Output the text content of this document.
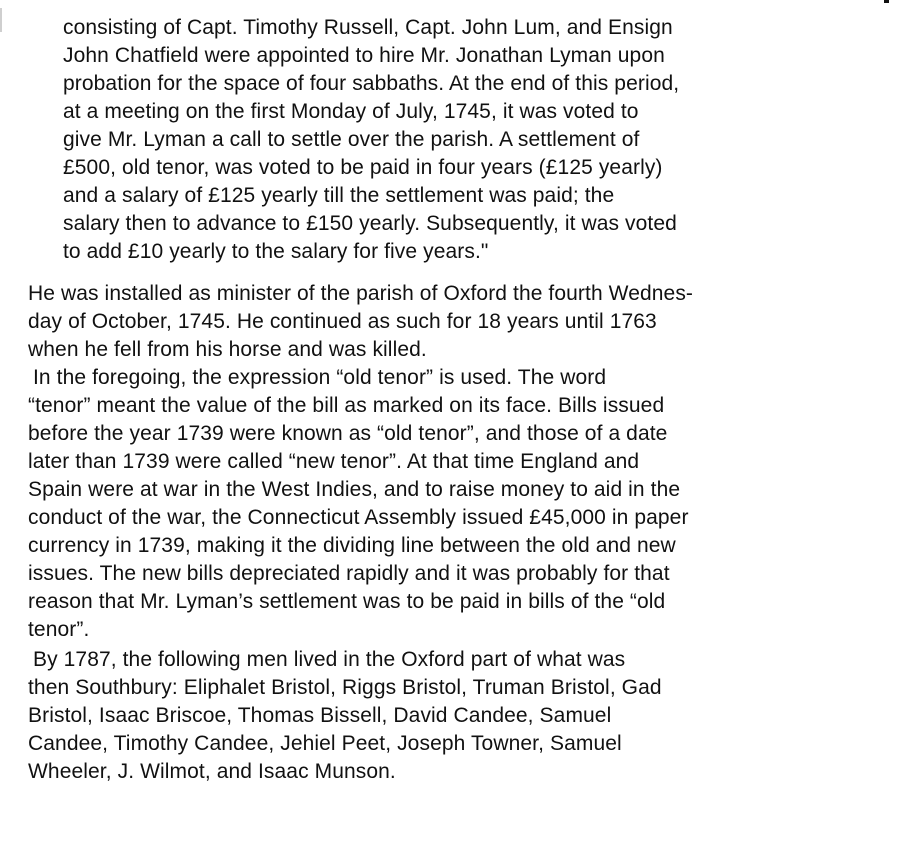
consisting of Capt. Timothy Russell, Capt. John Lum, and Ensign
John Chatfield were appointed to hire Mr. Jonathan Lyman upon
probation for the space of four sabbaths. At the end of this period,
at a meeting on the first Monday of July, 1745, it was voted to
give Mr. Lyman a call to settle over the parish. A settlement of
£500, old tenor, was voted to be paid in four years (£125 yearly)
and a salary of £125 yearly till the settlement was paid; the
salary then to advance to £150 yearly. Subsequently, it was voted
to add £10 yearly to the salary for five years."
He was installed as minister of the parish of Oxford the fourth Wednes-
day of October, 1745. He continued as such for 18 years until 1763
when he fell from his horse and was killed.
In the foregoing, the expression “old tenor” is used. The word
“tenor” meant the value of the bill as marked on its face. Bills issued
before the year 1739 were known as “old tenor”, and those of a date
later than 1739 were called “new tenor”. At that time England and
Spain were at war in the West Indies, and to raise money to aid in the
conduct of the war, the Connecticut Assembly issued £45,000 in paper
currency in 1739, making it the dividing line between the old and new
issues. The new bills depreciated rapidly and it was probably for that
reason that Mr. Lyman’s settlement was to be paid in bills of the “old
tenor”.
By 1787, the following men lived in the Oxford part of what was
then Southbury: Eliphalet Bristol, Riggs Bristol, Truman Bristol, Gad
Bristol, Isaac Briscoe, Thomas Bissell, David Candee, Samuel
Candee, Timothy Candee, Jehiel Peet, Joseph Towner, Samuel
Wheeler, J. Wilmot, and Isaac Munson.
